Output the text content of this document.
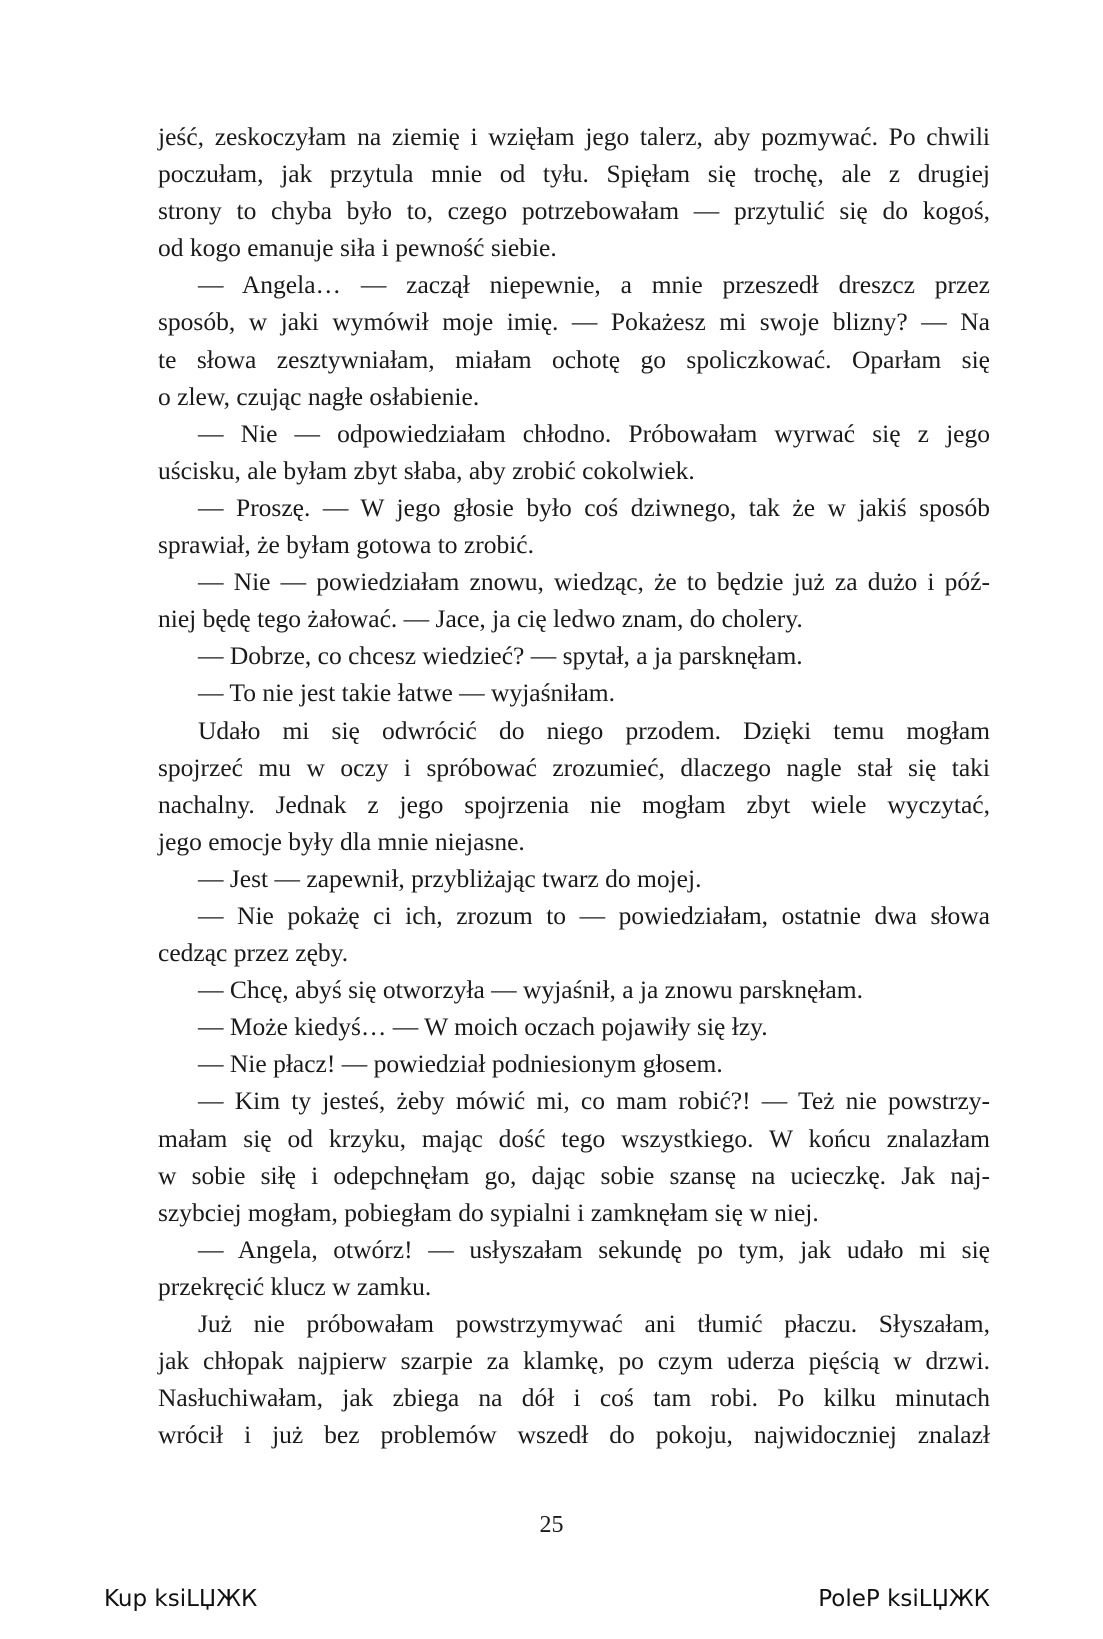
jeść, zeskoczyłam na ziemię i wzięłam jego talerz, aby pozmywać. Po chwili
poczułam, jak przytula mnie od tyłu. Spięłam się trochę, ale z drugiej
strony to chyba było to, czego potrzebowałam — przytulić się do kogoś,
od kogo emanuje siła i pewność siebie.
— Angela… — zaczął niepewnie, a mnie przeszedł dreszcz przez
sposób, w jaki wymówił moje imię. — Pokażesz mi swoje blizny? — Na
te słowa zesztywniałam, miałam ochotę go spoliczkować. Oparłam się
o zlew, czując nagłe osłabienie.
— Nie — odpowiedziałam chłodno. Próbowałam wyrwać się z jego
uścisku, ale byłam zbyt słaba, aby zrobić cokolwiek.
— Proszę. — W jego głosie było coś dziwnego, tak że w jakiś sposób
sprawiał, że byłam gotowa to zrobić.
— Nie — powiedziałam znowu, wiedząc, że to będzie już za dużo i póź-
niej będę tego żałować. — Jace, ja cię ledwo znam, do cholery.
— Dobrze, co chcesz wiedzieć? — spytał, a ja parsknęłam.
— To nie jest takie łatwe — wyjaśniłam.
Udało mi się odwrócić do niego przodem. Dzięki temu mogłam
spojrzeć mu w oczy i spróbować zrozumieć, dlaczego nagle stał się taki
nachalny. Jednak z jego spojrzenia nie mogłam zbyt wiele wyczytać,
jego emocje były dla mnie niejasne.
— Jest — zapewnił, przybliżając twarz do mojej.
— Nie pokażę ci ich, zrozum to — powiedziałam, ostatnie dwa słowa
cedząc przez zęby.
— Chcę, abyś się otworzyła — wyjaśnił, a ja znowu parsknęłam.
— Może kiedyś… — W moich oczach pojawiły się łzy.
— Nie płacz! — powiedział podniesionym głosem.
— Kim ty jesteś, żeby mówić mi, co mam robić?! — Też nie powstrzy-
małam się od krzyku, mając dość tego wszystkiego. W końcu znalazłam
w sobie siłę i odepchnęłam go, dając sobie szansę na ucieczkę. Jak naj-
szybciej mogłam, pobiegłam do sypialni i zamknęłam się w niej.
— Angela, otwórz! — usłyszałam sekundę po tym, jak udało mi się
przekręcić klucz w zamku.
Już nie próbowałam powstrzymywać ani tłumić płaczu. Słyszałam,
jak chłopak najpierw szarpie za klamkę, po czym uderza pięścią w drzwi.
Nasłuchiwałam, jak zbiega na dół i coś tam robi. Po kilku minutach
wrócił i już bez problemów wszedł do pokoju, najwidoczniej znalazł
25
Kup ksiLЏЖК	PoleP ksiLЏЖК
